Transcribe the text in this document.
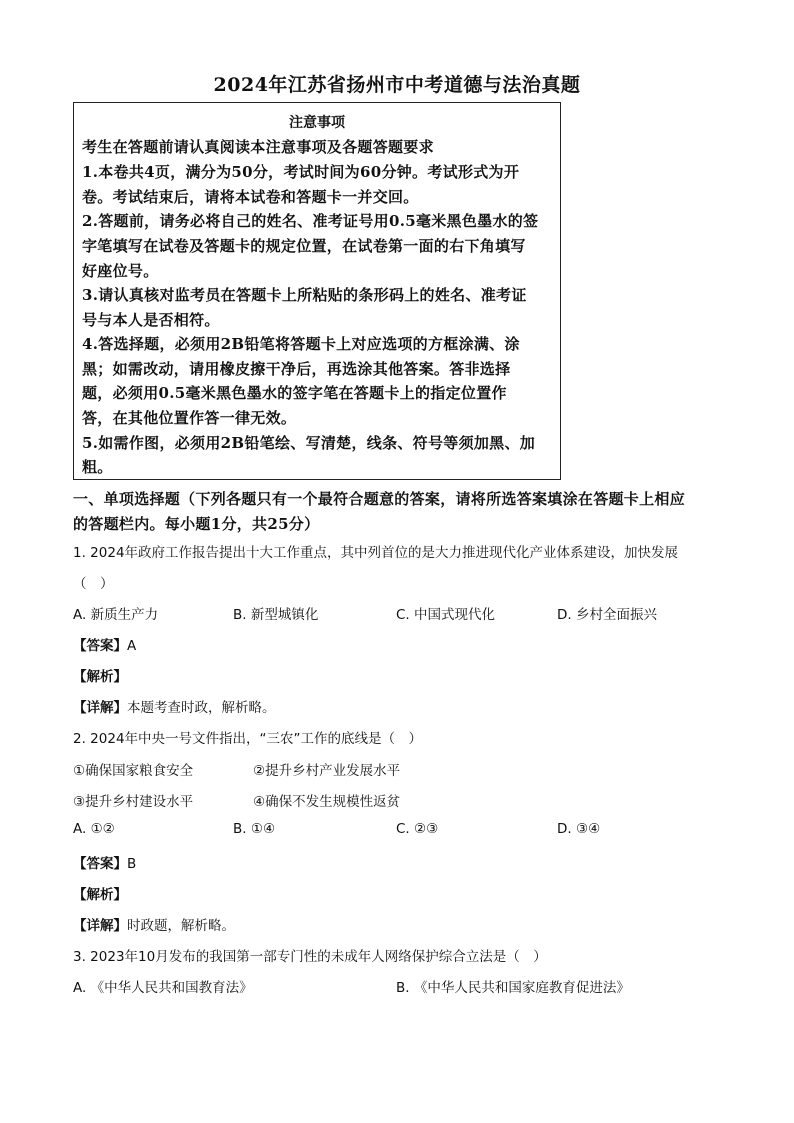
2024年江苏省扬州市中考道德与法治真题
注意事项
考生在答题前请认真阅读本注意事项及各题答题要求
1.本卷共4页，满分为50分，考试时间为60分钟。考试形式为开
卷。考试结束后，请将本试卷和答题卡一并交回。
2.答题前，请务必将自己的姓名、准考证号用0.5毫米黑色墨水的签
字笔填写在试卷及答题卡的规定位置，在试卷第一面的右下角填写
好座位号。
3.请认真核对监考员在答题卡上所粘贴的条形码上的姓名、准考证
号与本人是否相符。
4.答选择题，必须用2B铅笔将答题卡上对应选项的方框涂满、涂
黑；如需改动，请用橡皮擦干净后，再选涂其他答案。答非选择
题，必须用0.5毫米黑色墨水的签字笔在答题卡上的指定位置作
答，在其他位置作答一律无效。
5.如需作图，必须用2B铅笔绘、写清楚，线条、符号等须加黑、加
粗。
一、单项选择题（下列各题只有一个最符合题意的答案，请将所选答案填涂在答题卡上相应
的答题栏内。每小题1分，共25分）
1. 2024年政府工作报告提出十大工作重点，其中列首位的是大力推进现代化产业体系建设，加快发展
（　）
A. 新质生产力	B. 新型城镇化	C. 中国式现代化	D. 乡村全面振兴
【答案】A
【解析】
【详解】本题考查时政，解析略。
2. 2024年中央一号文件指出，“三农”工作的底线是（　）
①确保国家粮食安全	②提升乡村产业发展水平
③提升乡村建设水平	④确保不发生规模性返贫
A. ①②	B. ①④	C. ②③	D. ③④
【答案】B
【解析】
【详解】时政题，解析略。
3. 2023年10月发布的我国第一部专门性的未成年人网络保护综合立法是（　）
A. 《中华人民共和国教育法》	B. 《中华人民共和国家庭教育促进法》
